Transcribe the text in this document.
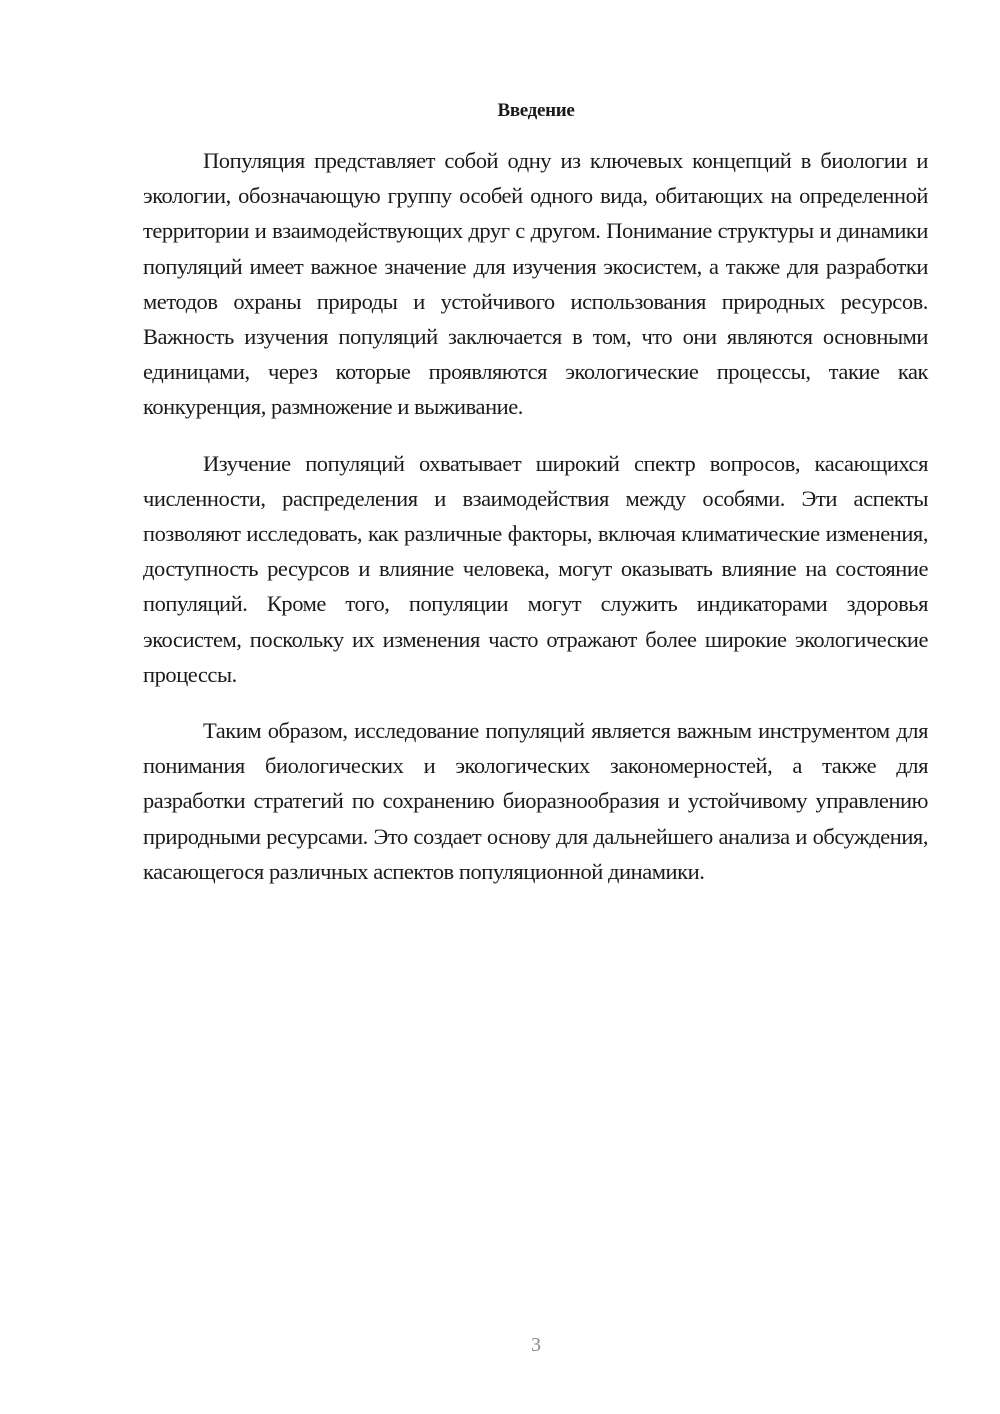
Введение

Популяция представляет собой одну из ключевых концепций в биологии и экологии, обозначающую группу особей одного вида, обитающих на определенной территории и взаимодействующих друг с другом. Понимание структуры и динамики популяций имеет важное значение для изучения экосистем, а также для разработки методов охраны природы и устойчивого использования природных ресурсов. Важность изучения популяций заключается в том, что они являются основными единицами, через которые проявляются экологические процессы, такие как конкуренция, размножение и выживание.

Изучение популяций охватывает широкий спектр вопросов, касающихся численности, распределения и взаимодействия между особями. Эти аспекты позволяют исследовать, как различные факторы, включая климатические изменения, доступность ресурсов и влияние человека, могут оказывать влияние на состояние популяций. Кроме того, популяции могут служить индикаторами здоровья экосистем, поскольку их изменения часто отражают более широкие экологические процессы.

Таким образом, исследование популяций является важным инструментом для понимания биологических и экологических закономерностей, а также для разработки стратегий по сохранению биоразнообразия и устойчивому управлению природными ресурсами. Это создает основу для дальнейшего анализа и обсуждения, касающегося различных аспектов популяционной динамики.

3
